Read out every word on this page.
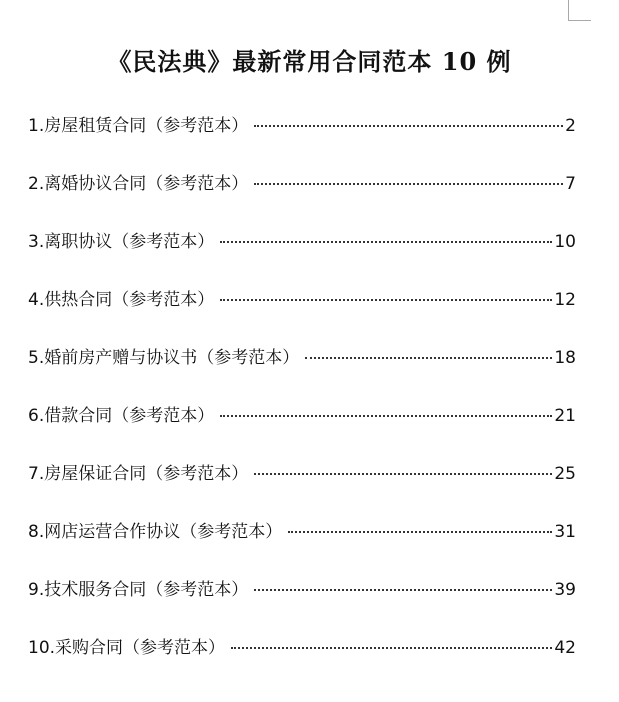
《民法典》最新常用合同范本 10 例
1.房屋租赁合同（参考范本）	2
2.离婚协议合同（参考范本）	7
3.离职协议（参考范本）	10
4.供热合同（参考范本）	12
5.婚前房产赠与协议书（参考范本）	18
6.借款合同（参考范本）	21
7.房屋保证合同（参考范本）	25
8.网店运营合作协议（参考范本）	31
9.技术服务合同（参考范本）	39
10.采购合同（参考范本）	42
